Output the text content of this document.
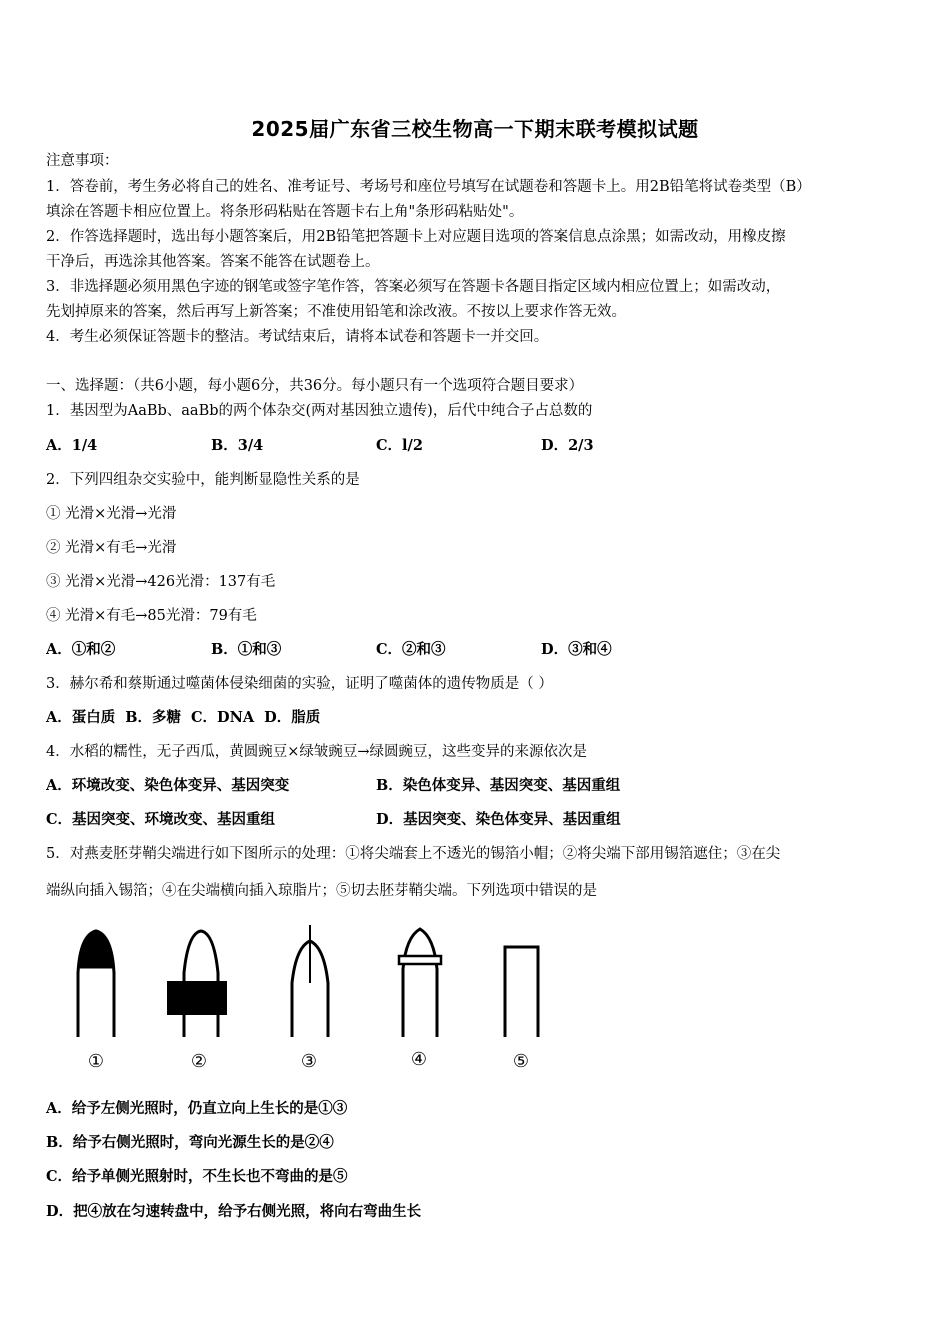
2025届广东省三校生物高一下期末联考模拟试题
注意事项：
1．答卷前，考生务必将自己的姓名、准考证号、考场号和座位号填写在试题卷和答题卡上。用2B铅笔将试卷类型（B）
填涂在答题卡相应位置上。将条形码粘贴在答题卡右上角"条形码粘贴处"。
2．作答选择题时，选出每小题答案后，用2B铅笔把答题卡上对应题目选项的答案信息点涂黑；如需改动，用橡皮擦
干净后，再选涂其他答案。答案不能答在试题卷上。
3．非选择题必须用黑色字迹的钢笔或签字笔作答，答案必须写在答题卡各题目指定区域内相应位置上；如需改动，
先划掉原来的答案，然后再写上新答案；不准使用铅笔和涂改液。不按以上要求作答无效。
4．考生必须保证答题卡的整洁。考试结束后，请将本试卷和答题卡一并交回。
一、选择题：（共6小题，每小题6分，共36分。每小题只有一个选项符合题目要求）
1．基因型为AaBb、aaBb的两个体杂交(两对基因独立遗传)，后代中纯合子占总数的
A．1/4	B．3/4	C．l/2	D．2/3
2．下列四组杂交实验中，能判断显隐性关系的是
① 光滑×光滑→光滑
② 光滑×有毛→光滑
③ 光滑×光滑→426光滑：137有毛
④ 光滑×有毛→85光滑：79有毛
A．①和②	B．①和③	C．②和③	D．③和④
3．赫尔希和蔡斯通过噬菌体侵染细菌的实验，证明了噬菌体的遗传物质是（ ）
A．蛋白质 B．多糖 C．DNA D．脂质
4．水稻的糯性，无子西瓜，黄圆豌豆×绿皱豌豆→绿圆豌豆，这些变异的来源依次是
A．环境改变、染色体变异、基因突变	B．染色体变异、基因突变、基因重组
C．基因突变、环境改变、基因重组	D．基因突变、染色体变异、基因重组
5．对燕麦胚芽鞘尖端进行如下图所示的处理：①将尖端套上不透光的锡箔小帽；②将尖端下部用锡箔遮住；③在尖
端纵向插入锡箔；④在尖端横向插入琼脂片；⑤切去胚芽鞘尖端。下列选项中错误的是
①	②	③	④	⑤
A．给予左侧光照时，仍直立向上生长的是①③
B．给予右侧光照时，弯向光源生长的是②④
C．给予单侧光照射时，不生长也不弯曲的是⑤
D．把④放在匀速转盘中，给予右侧光照，将向右弯曲生长
